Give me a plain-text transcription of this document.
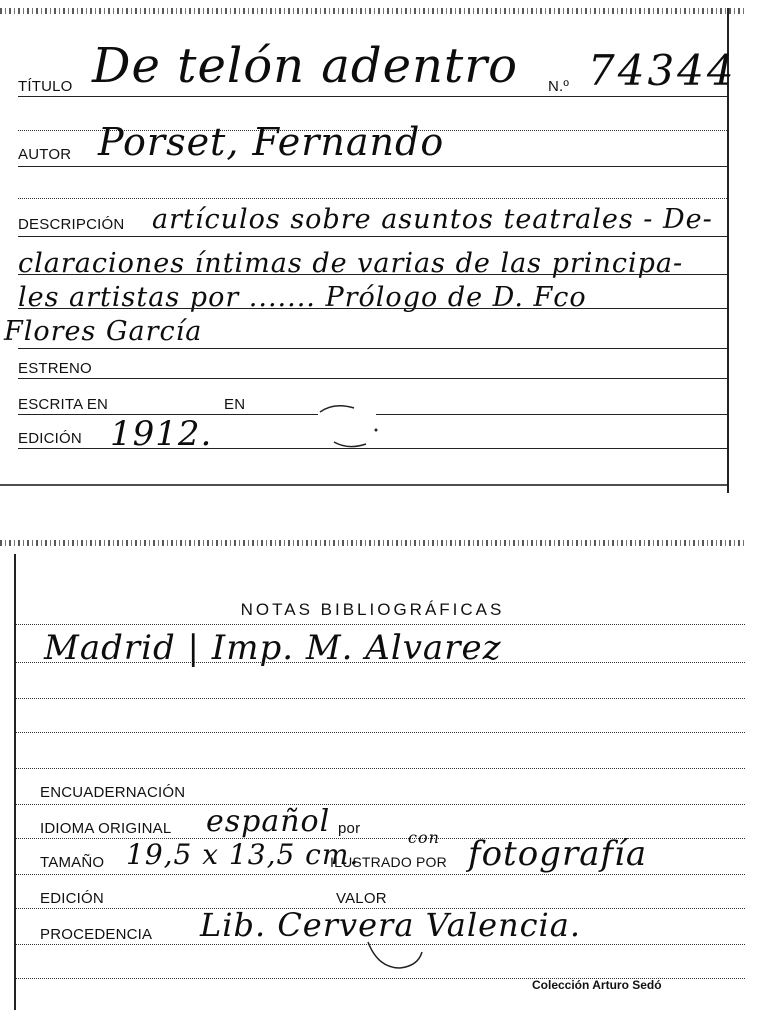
TÍTULO De telón adentro N.º 74344
AUTOR Porset, Fernando
DESCRIPCIÓN artículos sobre asuntos teatrales - De-
claraciones íntimas de varias de las principa-
les artistas por ....... Prólogo de D. Fco
Flores García
ESTRENO
ESCRITA EN	EN
EDICIÓN 1912.
NOTAS BIBLIOGRÁFICAS
Madrid | Imp. M. Alvarez
ENCUADERNACIÓN
IDIOMA ORIGINAL español por
TAMAÑO 19,5 x 13,5 cm.
ILUSTRADO POR
con fotografía
EDICIÓN	VALOR
PROCEDENCIA Lib. Cervera Valencia.
Colección Arturo Sedó
